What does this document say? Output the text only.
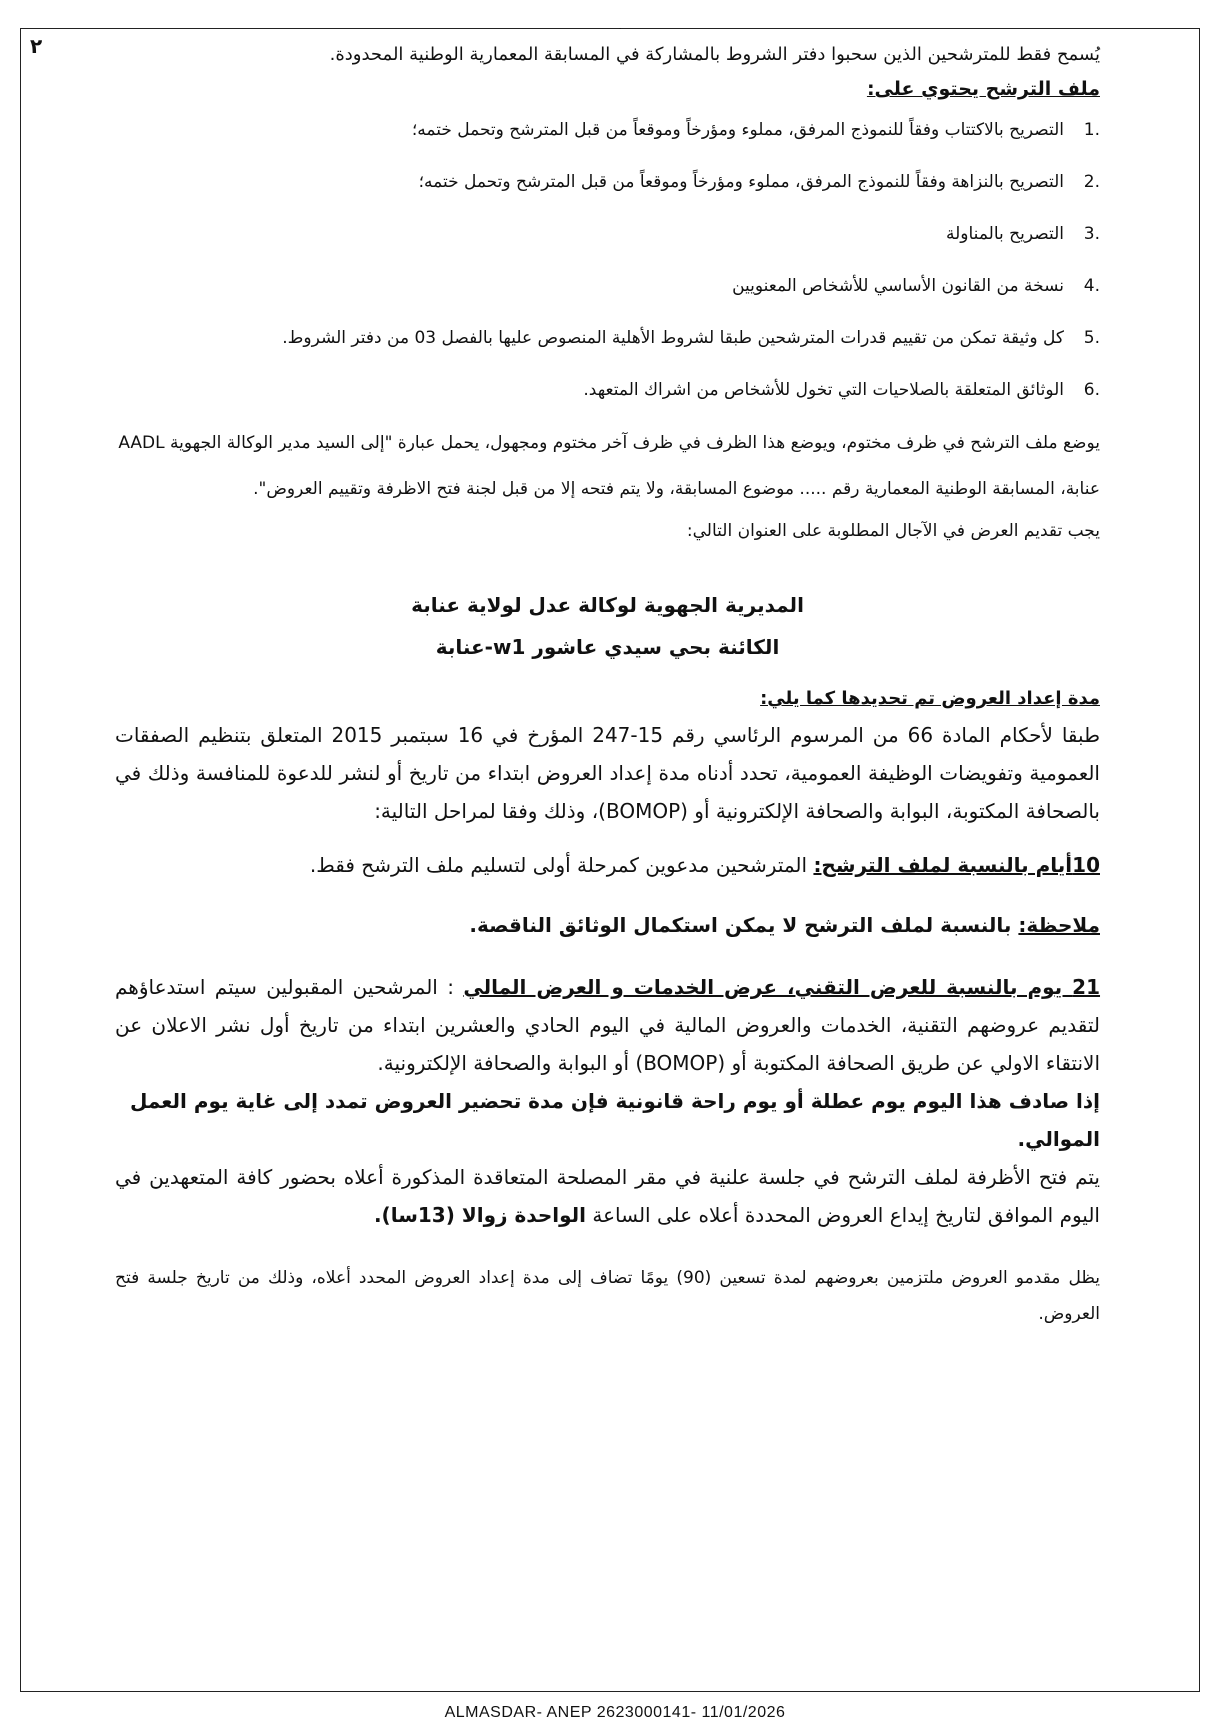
٢
٠

يُسمح فقط للمترشحين الذين سحبوا دفتر الشروط بالمشاركة في المسابقة المعمارية الوطنية المحدودة.

ملف الترشح يحتوي على:

.1
التصريح بالاكتتاب وفقاً للنموذج المرفق، مملوء ومؤرخاً وموقعاً من قبل المترشح وتحمل ختمه؛
.2
التصريح بالنزاهة وفقاً للنموذج المرفق، مملوء ومؤرخاً وموقعاً من قبل المترشح وتحمل ختمه؛
.3
التصريح بالمناولة
.4
نسخة من القانون الأساسي للأشخاص المعنويين
.5
كل وثيقة تمكن من تقييم قدرات المترشحين طبقا لشروط الأهلية المنصوص عليها بالفصل 03 من دفتر الشروط.
.6
الوثائق المتعلقة بالصلاحيات التي تخول للأشخاص من اشراك المتعهد.

يوضع ملف الترشح في ظرف مختوم، ويوضع هذا الظرف في ظرف آخر مختوم ومجهول، يحمل عبارة "إلى السيد مدير الوكالة الجهوية AADL عنابة، المسابقة الوطنية المعمارية رقم ..... موضوع المسابقة، ولا يتم فتحه إلا من قبل لجنة فتح الاظرفة وتقييم العروض".

يجب تقديم العرض في الآجال المطلوبة على العنوان التالي:

المديرية الجهوية لوكالة عدل لولاية عنابة
الكائنة بحي سيدي عاشور w1-عنابة

مدة إعداد العروض تم تحديدها كما يلي:

طبقا لأحكام المادة 66 من المرسوم الرئاسي رقم 15-247 المؤرخ في 16 سبتمبر 2015 المتعلق بتنظيم الصفقات العمومية وتفويضات الوظيفة العمومية، تحدد أدناه مدة إعداد العروض ابتداء من تاريخ أو لنشر للدعوة للمنافسة وذلك في بالصحافة المكتوبة، البوابة والصحافة الإلكترونية أو (BOMOP)، وذلك وفقا لمراحل التالية:

10أيام بالنسبة لملف الترشح: المترشحين مدعوين كمرحلة أولى لتسليم ملف الترشح فقط.

ملاحظة: بالنسبة لملف الترشح لا يمكن استكمال الوثائق الناقصة.

21 يوم بالنسبة للعرض التقني، عرض الخدمات و العرض المالي : المرشحين المقبولين سيتم استدعاؤهم لتقديم عروضهم التقنية، الخدمات والعروض المالية في اليوم الحادي والعشرين ابتداء من تاريخ أول نشر الاعلان عن الانتقاء الاولي عن طريق الصحافة المكتوبة أو (BOMOP) أو البوابة والصحافة الإلكترونية.

إذا صادف هذا اليوم يوم عطلة أو يوم راحة قانونية فإن مدة تحضير العروض تمدد إلى غاية يوم العمل الموالي.

يتم فتح الأظرفة لملف الترشح في جلسة علنية في مقر المصلحة المتعاقدة المذكورة أعلاه بحضور كافة المتعهدين في اليوم الموافق لتاريخ إيداع العروض المحددة أعلاه على الساعة الواحدة زوالا (13سا).

يظل مقدمو العروض ملتزمين بعروضهم لمدة تسعين (90) يومًا تضاف إلى مدة إعداد العروض المحدد أعلاه، وذلك من تاريخ جلسة فتح العروض.

ALMASDAR- ANEP 2623000141- 11/01/2026
